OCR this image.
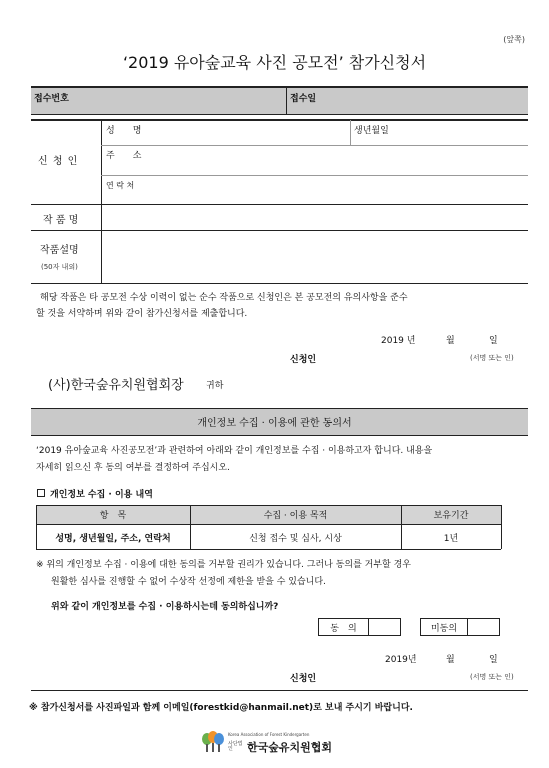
(앞쪽)
‘2019 유아숲교육 사진 공모전’ 참가신청서
접수번호	접수일
신 청 인
성　　명	생년월일
주　　소
연 락 처
작 품 명
작품설명
(50자 내외)
해당 작품은 타 공모전 수상 이력이 없는 순수 작품으로 신청인은 본 공모전의 유의사항을 준수
할 것을 서약하며 위와 같이 참가신청서를 제출합니다.
2019 년	월	일
신청인	(서명 또는 인)
(사)한국숲유치원협회장 귀하
개인정보 수집 · 이용에 관한 동의서
‘2019 유아숲교육 사진공모전’과 관련하여 아래와 같이 개인정보를 수집 · 이용하고자 합니다. 내용을
자세히 읽으신 후 동의 여부를 결정하여 주십시오.
개인정보 수집 · 이용 내역
항　목	수집 · 이용 목적	보유기간
성명, 생년월일, 주소, 연락처	신청 접수 및 심사, 시상	1년
※ 위의 개인정보 수집 · 이용에 대한 동의를 거부할 권리가 있습니다. 그러나 동의를 거부할 경우
원활한 심사를 진행할 수 없어 수상작 선정에 제한을 받을 수 있습니다.
위와 같이 개인정보를 수집 · 이용하시는데 동의하십니까?
동　의	미동의
2019년	월	일
신청인	(서명 또는 인)
※ 참가신청서를 사진파일과 함께 이메일(forestkid@hanmail.net)로 보내 주시기 바랍니다.
Korea Association of Forest Kindergarten
사단법인	한국숲유치원협회
